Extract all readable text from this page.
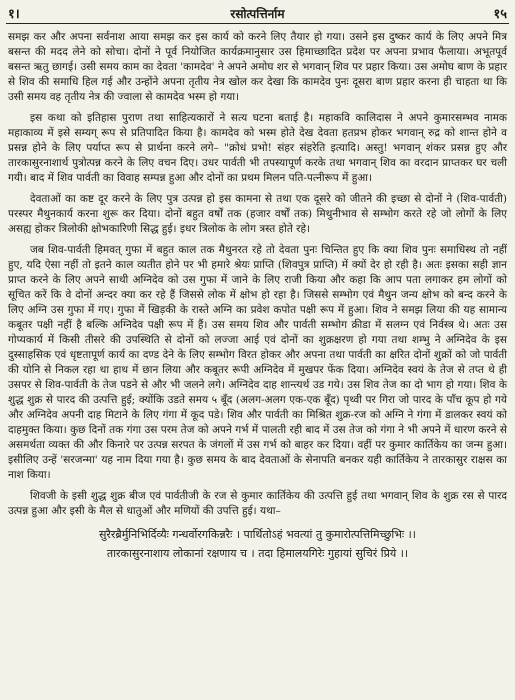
१।	रसोत्पत्तिर्नाम	१५

समझ कर और अपना सर्वनाश आया समझ कर इस कार्य को करने लिए तैयार हो गया। उसने इस दुष्कर कार्य के लिए अपने मित्र बसन्त की मदद लेने को सोचा। दोनों ने पूर्व नियोजित कार्यक्रमानुसार उस हिमाच्छादित प्रदेश पर अपना प्रभाव फैलाया। अभूतपूर्व बसन्त ऋतु छागई। उसी समय काम का देवता 'कामदेव' ने अपने अमोघ शर से भगवान् शिव पर प्रहार किया। उस अमोघ बाण के प्रहार से शिव की समाधि हिल गई और उन्होंने अपना तृतीय नेत्र खोल कर देखा कि कामदेव पुनः दूसरा बाण प्रहार करना ही चाहता था कि उसी समय वह तृतीय नेत्र की ज्वाला से कामदेव भस्म हो गया।

इस कथा को इतिहास पुराण तथा साहित्यकारों ने सत्य घटना बताई है। महाकवि कालिदास ने अपने कुमारसम्भव नामक महाकाव्य में इसे सम्यग् रूप से प्रतिपादित किया है। कामदेव को भस्म होते देख देवता हतप्रभ होकर भगवान् रुद्र को शान्त होने व प्रसन्न होने के लिए पर्याप्त रूप से प्रार्थना करने लगे– "क्रोधं प्रभो! संहर संहरेति इत्यादि। अस्तु! भगवान् शंकर प्रसन्न हुए और तारकासुरनाशार्थ पुत्रोत्पन्न करने के लिए वचन दिए। उधर पार्वती भी तपस्यापूर्ण करके तथा भगवान् शिव का वरदान प्राप्तकर घर चली गयी। बाद में शिव पार्वती का विवाह सम्पन्न हुआ और दोनों का प्रथम मिलन पति-पत्नीरूप में हुआ।

देवताओं का कष्ट दूर करने के लिए पुत्र उत्पन्न हो इस कामना से तथा एक दूसरे को जीतने की इच्छा से दोनों ने (शिव-पार्वती) परस्पर मैथुनकार्य करना शुरू कर दिया। दोनों बहुत वर्षों तक (हजार वर्षों तक) मिथुनीभाव से सम्भोग करते रहे जो लोगों के लिए असह्य होकर त्रिलोकी क्षोभकारिणी सिद्ध हुई। इधर त्रिलोक के लोग त्रस्त होते रहे।

जब शिव-पार्वती हिमवत् गुफा में बहुत काल तक मैथुनरत रहे तो देवता पुनः चिन्तित हुए कि क्या शिव पुनः समाधिस्थ तो नहीं हुए, यदि ऐसा नहीं तो इतने काल व्यतीत होने पर भी हमारे श्रेयः प्राप्ति (शिवपुत्र प्राप्ति) में क्यों देर हो रही है। अतः इसका सही ज्ञान प्राप्त करने के लिए अपने साथी अग्निदेव को उस गुफा में जाने के लिए राजी किया और कहा कि आप पता लगाकर हम लोगों को सूचित करें कि वे दोनों अन्दर क्या कर रहे हैं जिससे लोक में क्षोभ हो रहा है। जिससे सम्भोग एवं मैथुन जन्य क्षोभ को बन्द करने के लिए अग्नि उस गुफा में गए। गुफा में खिड़की के रास्ते अग्नि का प्रवेश कपोत पक्षी रूप में हुआ। शिव ने समझ लिया की यह सामान्य कबूतर पक्षी नहीं है बल्कि अग्निदेव पक्षी रूप में हैं। उस समय शिव और पार्वती सम्भोग क्रीडा में सलग्न एवं निर्वस्त्र थे। अतः उस गोप्यकार्य में किसी तीसरे की उपस्थिति से दोनों को लज्जा आई एवं दोनों का शुक्रक्षरण हो गया तथा शम्भु ने अग्निदेव के इस दुस्साहसिक एवं धृष्टतापूर्ण कार्य का दण्ड देने के लिए सम्भोग विरत होकर और अपना तथा पार्वती का क्षरित दोनों शुक्रों को जो पार्वती की योनि से निकल रहा था हाथ में छान लिया और कबूतर रूपी अग्निदेव में मुखपर फेंक दिया। अग्निदेव स्वयं के तेज से तप्त थे ही उसपर से शिव-पार्वती के तेज पडने से और भी जलने लगे। अग्निदेव दाह शान्त्यर्थ उड गये। उस शिव तेज का दो भाग हो गया। शिव के शुद्ध शुक्र से पारद की उत्पत्ति हुई; क्योंकि उडते समय ५ बूँद (अलग-अलग एक-एक बूँद) पृथ्वी पर गिरा जो पारद के पाँच कूप हो गये और अग्निदेव अपनी दाह मिटाने के लिए गंगा में कूद पडे। शिव और पार्वती का मिश्रित शुक्र-रज को अग्नि ने गंगा में डालकर स्वयं को दाहमुक्त किया। कुछ दिनों तक गंगा उस परम तेज को अपने गर्भ में पालती रही बाद में उस तेज को गंगा ने भी अपने में धारण करने से असमर्थता व्यक्त की और किनारे पर उत्पन्न सरपत के जंगलों में उस गर्भ को बाहर कर दिया। वहीं पर कुमार कार्तिकेय का जन्म हुआ। इसीलिए उन्हें 'सरजन्मा' यह नाम दिया गया है। कुछ समय के बाद देवताओं के सेनापति बनकर यही कार्तिकेय ने तारकासुर राक्षस का नाश किया।

शिवजी के इसी शुद्ध शुक्र बीज एवं पार्वतीजी के रज से कुमार कार्तिकेय की उत्पत्ति हुई तथा भगवान् शिव के शुक्र रस से पारद उत्पन्न हुआ और इसी के मैल से धातुओं और मणियों की उपत्ति हुई। यथा–

सुरैरब्रैर्मुनिभिर्दिव्यैः गन्धर्वोरगकिन्नरैः । पार्थितोऽहं भवत्यां तु कुमारोत्पत्तिमिच्छुभिः ।।

तारकासुरनाशाय लोकानां रक्षणाय च । तदा हिमालयगिरेः गुहायां सुचिरं प्रिये ।।
